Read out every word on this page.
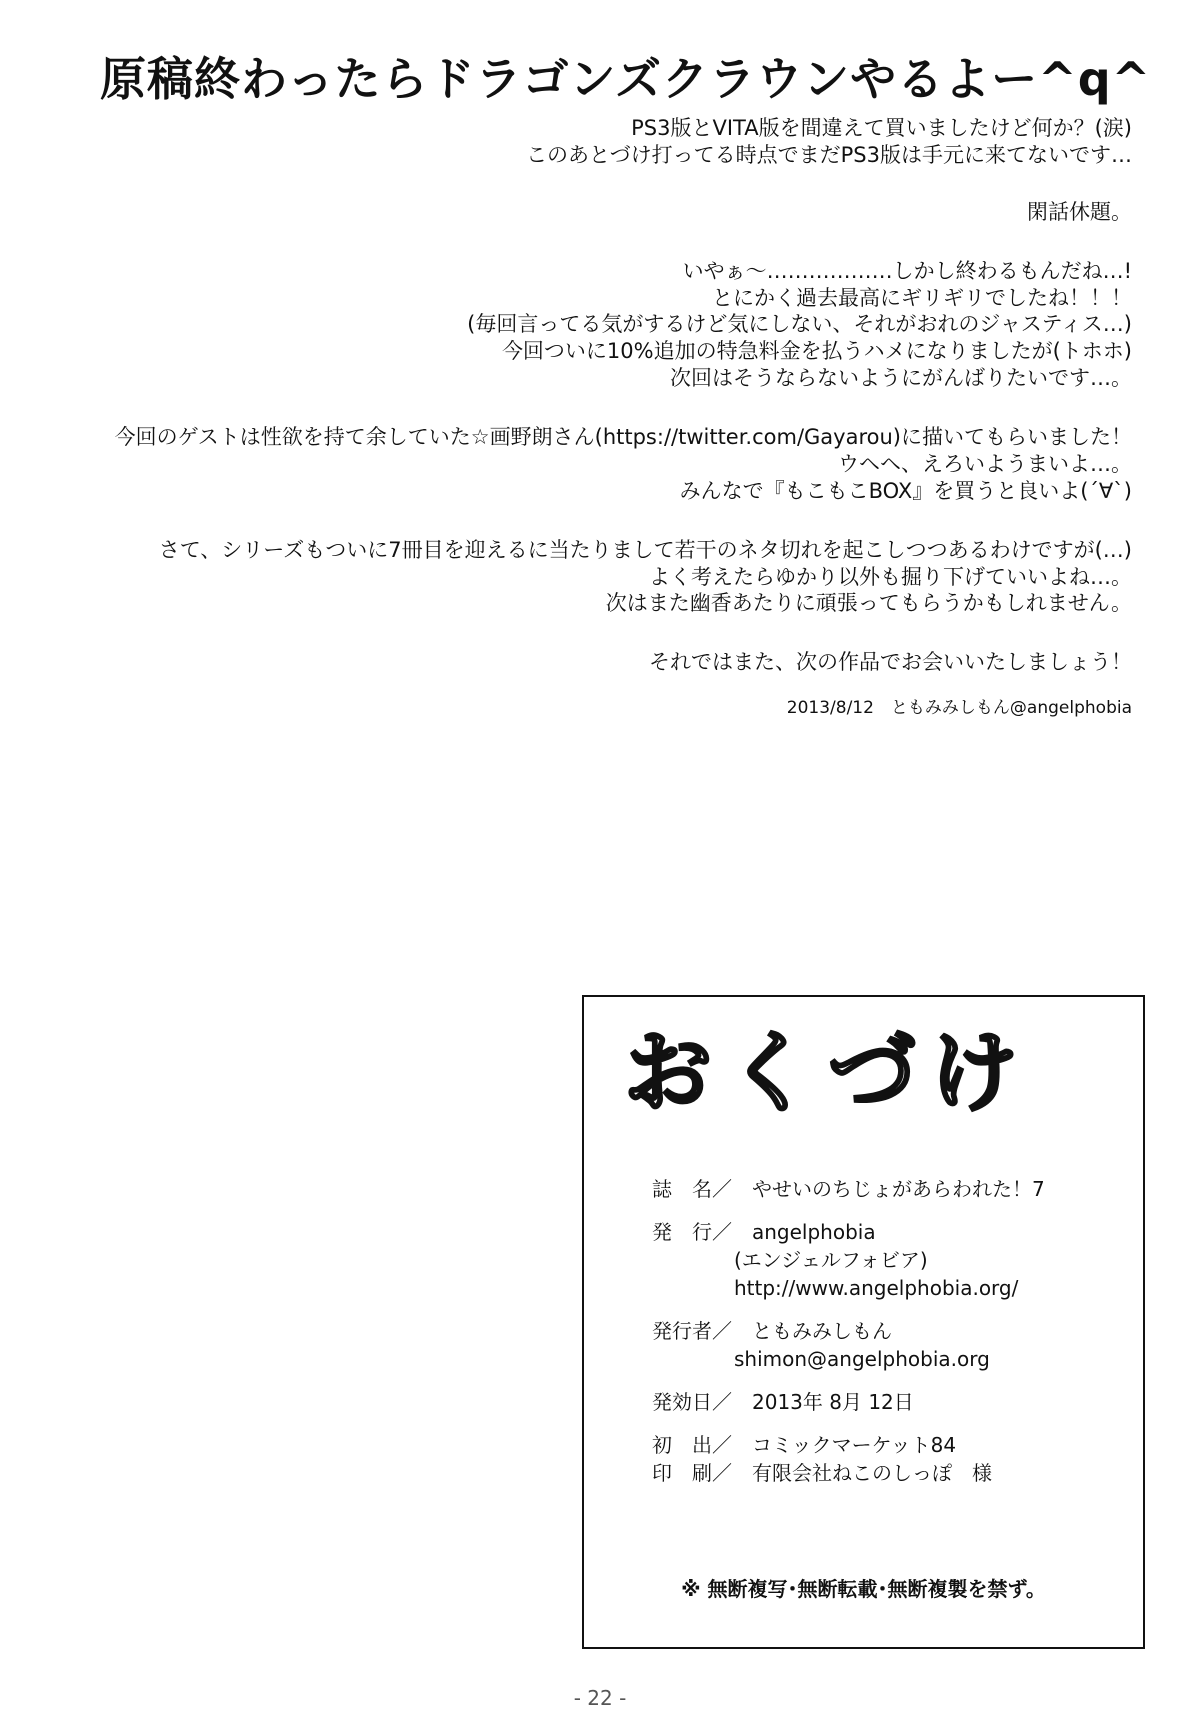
原稿終わったらドラゴンズクラウンやるよー^q^
PS3版とVITA版を間違えて買いましたけど何か？(涙)
このあとづけ打ってる時点でまだPS3版は手元に来てないです…
閑話休題。
いやぁ～………………しかし終わるもんだね…!
とにかく過去最高にギリギリでしたね！！！
(毎回言ってる気がするけど気にしない、それがおれのジャスティス…)
今回ついに10%追加の特急料金を払うハメになりましたが(トホホ)
次回はそうならないようにがんばりたいです…。
今回のゲストは性欲を持て余していた☆画野朗さん(https://twitter.com/Gayarou)に描いてもらいました！
ウヘヘ、えろいようまいよ…。
みんなで『もこもこBOX』を買うと良いよ(´∀`)
さて、シリーズもついに7冊目を迎えるに当たりまして若干のネタ切れを起こしつつあるわけですが(…)
よく考えたらゆかり以外も掘り下げていいよね…。
次はまた幽香あたりに頑張ってもらうかもしれません。
それではまた、次の作品でお会いいたしましょう！
2013/8/12　ともみみしもん@angelphobia
おくづけ
誌　名／	やせいのちじょがあらわれた！7
発　行／	angelphobia
(エンジェルフォビア)
http://www.angelphobia.org/
発行者／	ともみみしもん
shimon@angelphobia.org
発効日／	2013年 8月 12日
初　出／	コミックマーケット84
印　刷／	有限会社ねこのしっぽ　様
※ 無断複写･無断転載･無断複製を禁ず。
- 22 -
